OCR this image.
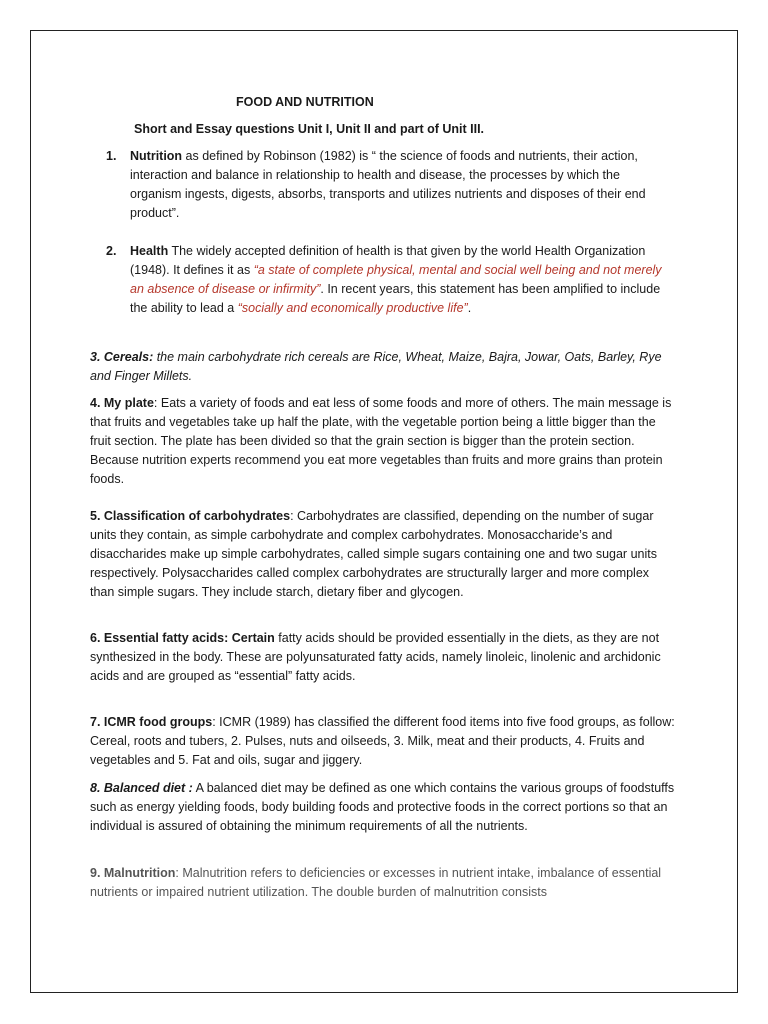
FOOD AND NUTRITION

Short and Essay questions Unit I, Unit II and part of Unit III.

1. Nutrition as defined by Robinson (1982) is “ the science of foods and nutrients, their action, interaction and balance in relationship to health and disease, the processes by which the organism ingests, digests, absorbs, transports and utilizes nutrients and disposes of their end product”.
2. Health The widely accepted definition of health is that given by the world Health Organization (1948). It defines it as “a state of complete physical, mental and social well being and not merely an absence of disease or infirmity”. In recent years, this statement has been amplified to include the ability to lead a “socially and economically productive life”.

3. Cereals: the main carbohydrate rich cereals are Rice, Wheat, Maize, Bajra, Jowar, Oats, Barley, Rye and Finger Millets.

4. My plate: Eats a variety of foods and eat less of some foods and more of others. The main message is that fruits and vegetables take up half the plate, with the vegetable portion being a little bigger than the fruit section. The plate has been divided so that the grain section is bigger than the protein section. Because nutrition experts recommend you eat more vegetables than fruits and more grains than protein foods.

5. Classification of carbohydrates: Carbohydrates are classified, depending on the number of sugar units they contain, as simple carbohydrate and complex carbohydrates. Monosaccharide’s and disaccharides make up simple carbohydrates, called simple sugars containing one and two sugar units respectively. Polysaccharides called complex carbohydrates are structurally larger and more complex than simple sugars. They include starch, dietary fiber and glycogen.

6. Essential fatty acids: Certain fatty acids should be provided essentially in the diets, as they are not synthesized in the body. These are polyunsaturated fatty acids, namely linoleic, linolenic and archidonic acids and are grouped as “essential” fatty acids.

7. ICMR food groups: ICMR (1989) has classified the different food items into five food groups, as follow: Cereal, roots and tubers, 2. Pulses, nuts and oilseeds, 3. Milk, meat and their products, 4. Fruits and vegetables and 5. Fat and oils, sugar and jiggery.

8. Balanced diet : A balanced diet may be defined as one which contains the various groups of foodstuffs such as energy yielding foods, body building foods and protective foods in the correct portions so that an individual is assured of obtaining the minimum requirements of all the nutrients.

9. Malnutrition: Malnutrition refers to deficiencies or excesses in nutrient intake, imbalance of essential nutrients or impaired nutrient utilization. The double burden of malnutrition consists
